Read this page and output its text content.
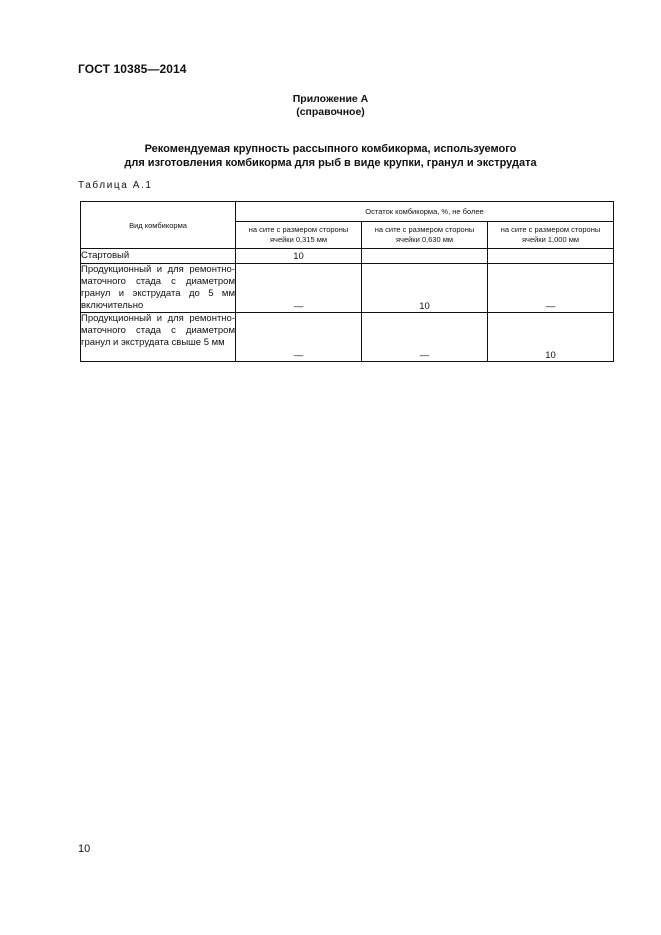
ГОСТ 10385—2014
Приложение А
(справочное)
Рекомендуемая крупность рассыпного комбикорма, используемого
для изготовления комбикорма для рыб в виде крупки, гранул и экструдата
Таблица А.1
Вид комбикорма	Остаток комбикорма, %, не более		
	на сите с размером стороны ячейки 0,315 мм	на сите с размером стороны ячейки 0,630 мм	на сите с размером стороны ячейки 1,000 мм
Стартовый	10		
Продукционный и для ремонтно-маточного стада с диаметром гранул и экструдата до 5 мм включительно	—	10	—
Продукционный и для ремонтно-маточного стада с диаметром гранул и экструдата свыше 5 мм	—	—	10
10
